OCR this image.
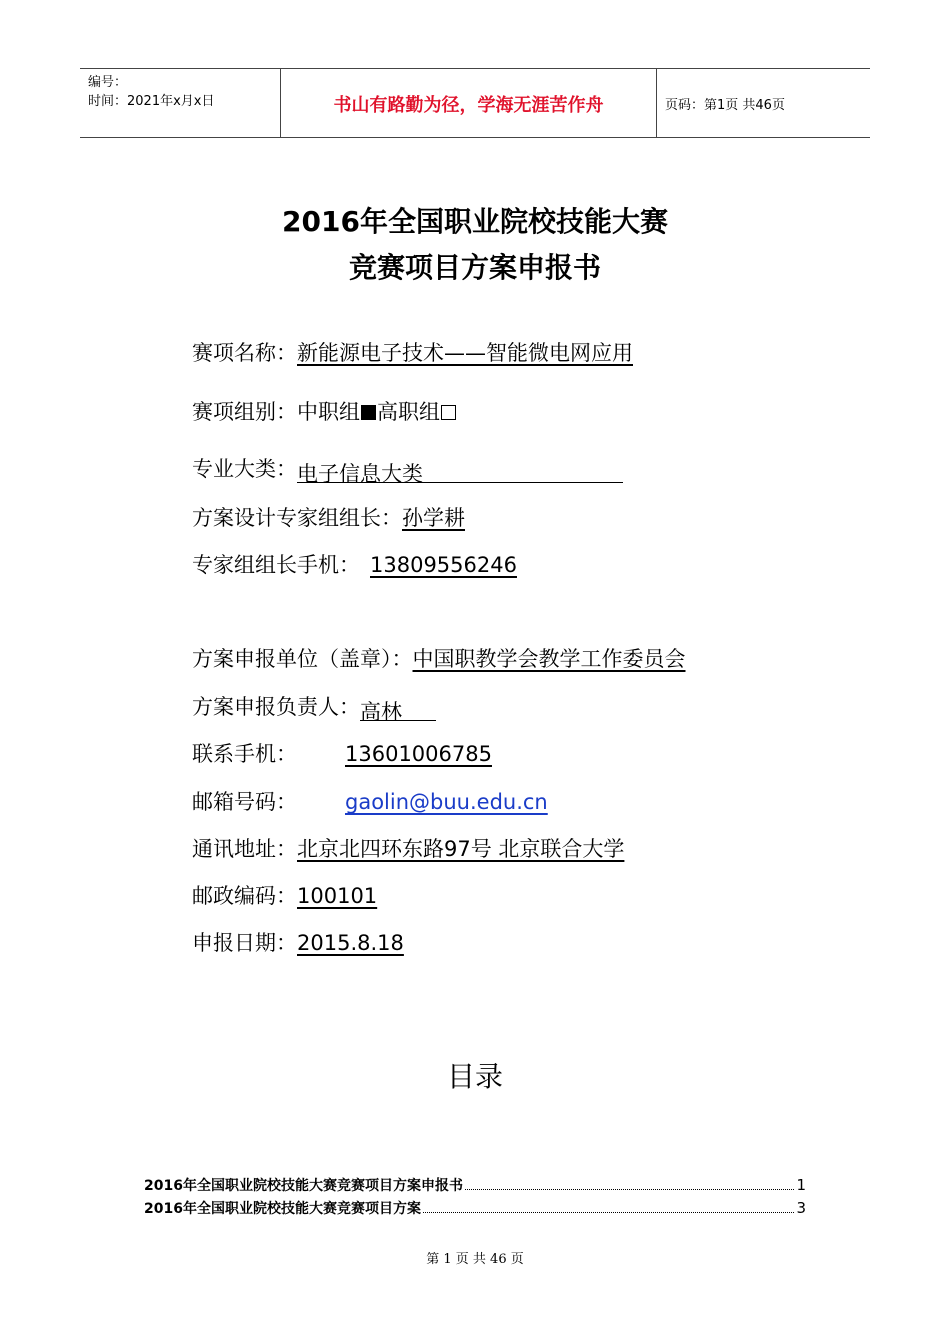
编号：
时间：2021年x月x日	书山有路勤为径，学海无涯苦作舟	页码：第1页 共46页
2016年全国职业院校技能大赛
竞赛项目方案申报书
赛项名称：新能源电子技术——智能微电网应用
赛项组别：中职组 高职组
专业大类：电子信息大类
方案设计专家组组长：孙学耕
专家组组长手机： 13809556246
方案申报单位（盖章）：中国职教学会教学工作委员会
方案申报负责人：高林
联系手机： 13601006785
邮箱号码： gaolin@buu.edu.cn
通讯地址：北京北四环东路97号 北京联合大学
邮政编码：100101
申报日期：2015.8.18
目录
2016年全国职业院校技能大赛竞赛项目方案申报书	1
2016年全国职业院校技能大赛竞赛项目方案	3
第 1 页 共 46 页
